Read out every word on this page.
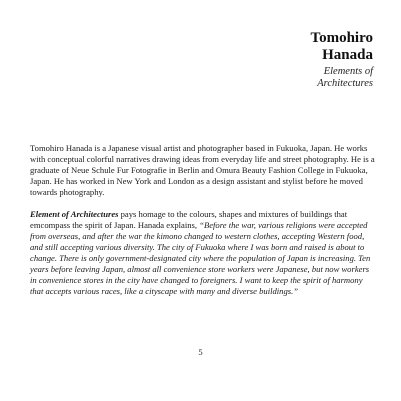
Tomohiro
Hanada
Elements of
Architectures

Tomohiro Hanada is a Japanese visual artist and photographer based in Fukuoka, Japan. He works with conceptual colorful narratives drawing ideas from everyday life and street photography. He is a graduate of Neue Schule Fur Fotografie in Berlin and Omura Beauty Fashion College in Fukuoka, Japan. He has worked in New York and London as a design assistant and stylist before he moved towards photography.

Element of Architectures pays homage to the colours, shapes and mixtures of buildings that emcompass the spirit of Japan. Hanada explains, “Before the war, various religions were accepted from overseas, and after the war the kimono changed to western clothes, accepting Western food, and still accepting various diversity. The city of Fukuoka where I was born and raised is about to change. There is only government-designated city where the population of Japan is increasing. Ten years before leaving Japan, almost all convenience store workers were Japanese, but now workers in convenience stores in the city have changed to foreigners. I want to keep the spirit of harmony that accepts various races, like a cityscape with many and diverse buildings.”

5
